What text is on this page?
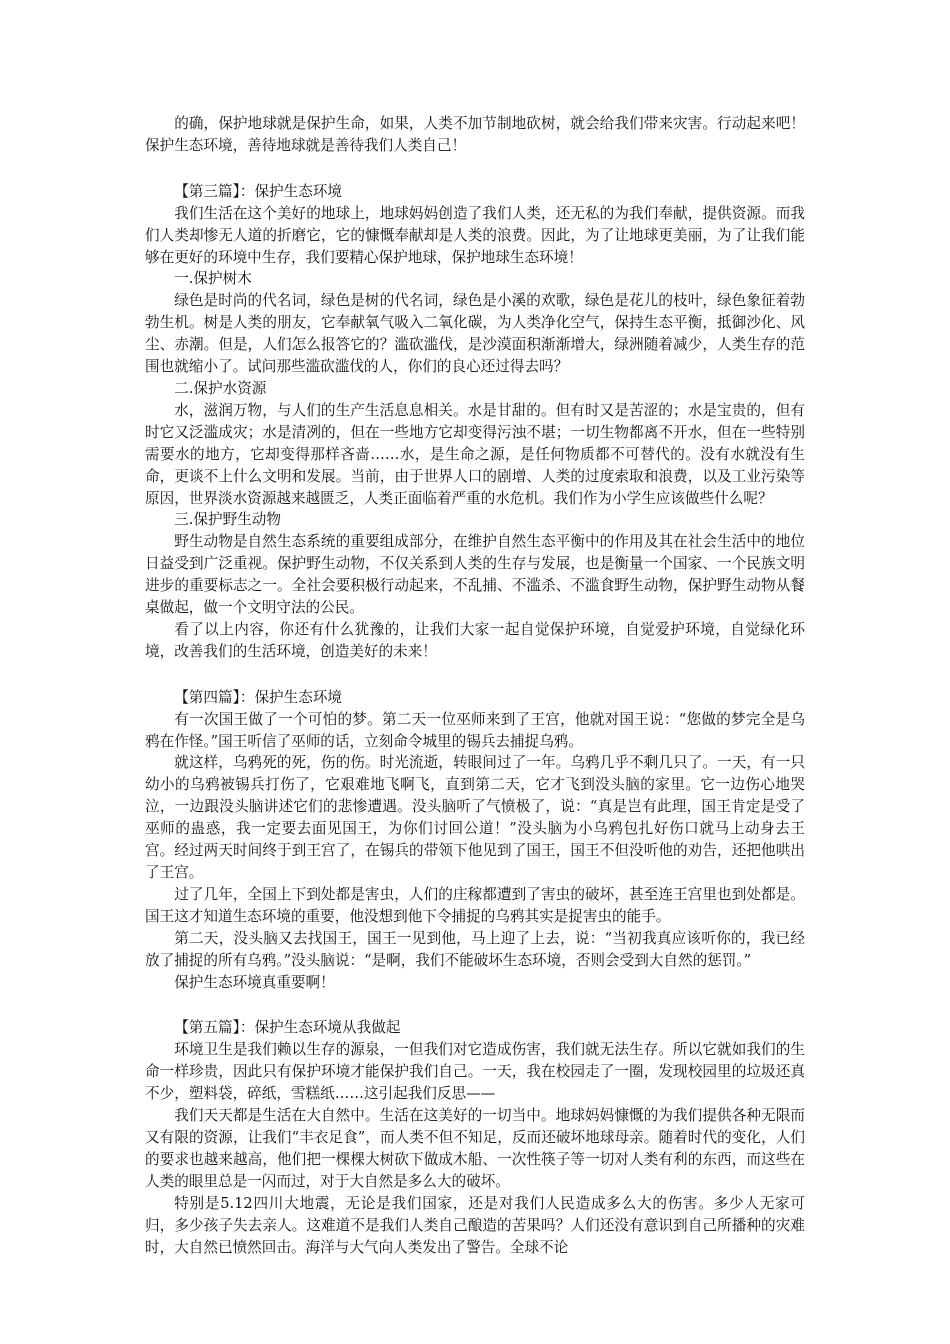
的确，保护地球就是保护生命，如果，人类不加节制地砍树，就会给我们带来灾害。行动起来吧！保护生态环境，善待地球就是善待我们人类自己！

【第三篇】：保护生态环境

我们生活在这个美好的地球上，地球妈妈创造了我们人类，还无私的为我们奉献，提供资源。而我们人类却惨无人道的折磨它，它的慷慨奉献却是人类的浪费。因此，为了让地球更美丽，为了让我们能够在更好的环境中生存，我们要精心保护地球，保护地球生态环境！

一.保护树木

绿色是时尚的代名词，绿色是树的代名词，绿色是小溪的欢歌，绿色是花儿的枝叶，绿色象征着勃勃生机。树是人类的朋友，它奉献氧气吸入二氧化碳，为人类净化空气，保持生态平衡，抵御沙化、风尘、赤潮。但是，人们怎么报答它的？滥砍滥伐，是沙漠面积渐渐增大，绿洲随着减少，人类生存的范围也就缩小了。试问那些滥砍滥伐的人，你们的良心还过得去吗？

二.保护水资源

水，滋润万物，与人们的生产生活息息相关。水是甘甜的。但有时又是苦涩的；水是宝贵的，但有时它又泛滥成灾；水是清冽的，但在一些地方它却变得污浊不堪；一切生物都离不开水，但在一些特别需要水的地方，它却变得那样吝啬……水，是生命之源，是任何物质都不可替代的。没有水就没有生命，更谈不上什么文明和发展。当前，由于世界人口的剧增、人类的过度索取和浪费，以及工业污染等原因，世界淡水资源越来越匮乏，人类正面临着严重的水危机。我们作为小学生应该做些什么呢？

三.保护野生动物

野生动物是自然生态系统的重要组成部分，在维护自然生态平衡中的作用及其在社会生活中的地位日益受到广泛重视。保护野生动物，不仅关系到人类的生存与发展，也是衡量一个国家、一个民族文明进步的重要标志之一。全社会要积极行动起来，不乱捕、不滥杀、不滥食野生动物，保护野生动物从餐桌做起，做一个文明守法的公民。

看了以上内容，你还有什么犹豫的，让我们大家一起自觉保护环境，自觉爱护环境，自觉绿化环境，改善我们的生活环境，创造美好的未来！

【第四篇】：保护生态环境

有一次国王做了一个可怕的梦。第二天一位巫师来到了王宫，他就对国王说：“您做的梦完全是乌鸦在作怪。”国王听信了巫师的话，立刻命令城里的锡兵去捕捉乌鸦。

就这样，乌鸦死的死，伤的伤。时光流逝，转眼间过了一年。乌鸦几乎不剩几只了。一天，有一只幼小的乌鸦被锡兵打伤了，它艰难地飞啊飞，直到第二天，它才飞到没头脑的家里。它一边伤心地哭泣，一边跟没头脑讲述它们的悲惨遭遇。没头脑听了气愤极了，说：“真是岂有此理，国王肯定是受了巫师的蛊惑，我一定要去面见国王，为你们讨回公道！”没头脑为小乌鸦包扎好伤口就马上动身去王宫。经过两天时间终于到王宫了，在锡兵的带领下他见到了国王，国王不但没听他的劝告，还把他哄出了王宫。

过了几年，全国上下到处都是害虫，人们的庄稼都遭到了害虫的破坏，甚至连王宫里也到处都是。国王这才知道生态环境的重要，他没想到他下令捕捉的乌鸦其实是捉害虫的能手。

第二天，没头脑又去找国王，国王一见到他，马上迎了上去，说：“当初我真应该听你的，我已经放了捕捉的所有乌鸦。”没头脑说：“是啊，我们不能破坏生态环境，否则会受到大自然的惩罚。”

保护生态环境真重要啊！

【第五篇】：保护生态环境从我做起

环境卫生是我们赖以生存的源泉，一但我们对它造成伤害，我们就无法生存。所以它就如我们的生命一样珍贵，因此只有保护环境才能保护我们自己。一天，我在校园走了一圈，发现校园里的垃圾还真不少，塑料袋，碎纸，雪糕纸……这引起我们反思——

我们天天都是生活在大自然中。生活在这美好的一切当中。地球妈妈慷慨的为我们提供各种无限而又有限的资源，让我们“丰衣足食”，而人类不但不知足，反而还破坏地球母亲。随着时代的变化，人们的要求也越来越高，他们把一棵棵大树砍下做成木船、一次性筷子等一切对人类有利的东西，而这些在人类的眼里总是一闪而过，对于大自然是多么大的破坏。

特别是5.12四川大地震，无论是我们国家，还是对我们人民造成多么大的伤害。多少人无家可归，多少孩子失去亲人。这难道不是我们人类自己酿造的苦果吗？人们还没有意识到自己所播种的灾难时，大自然已愤然回击。海洋与大气向人类发出了警告。全球不论
